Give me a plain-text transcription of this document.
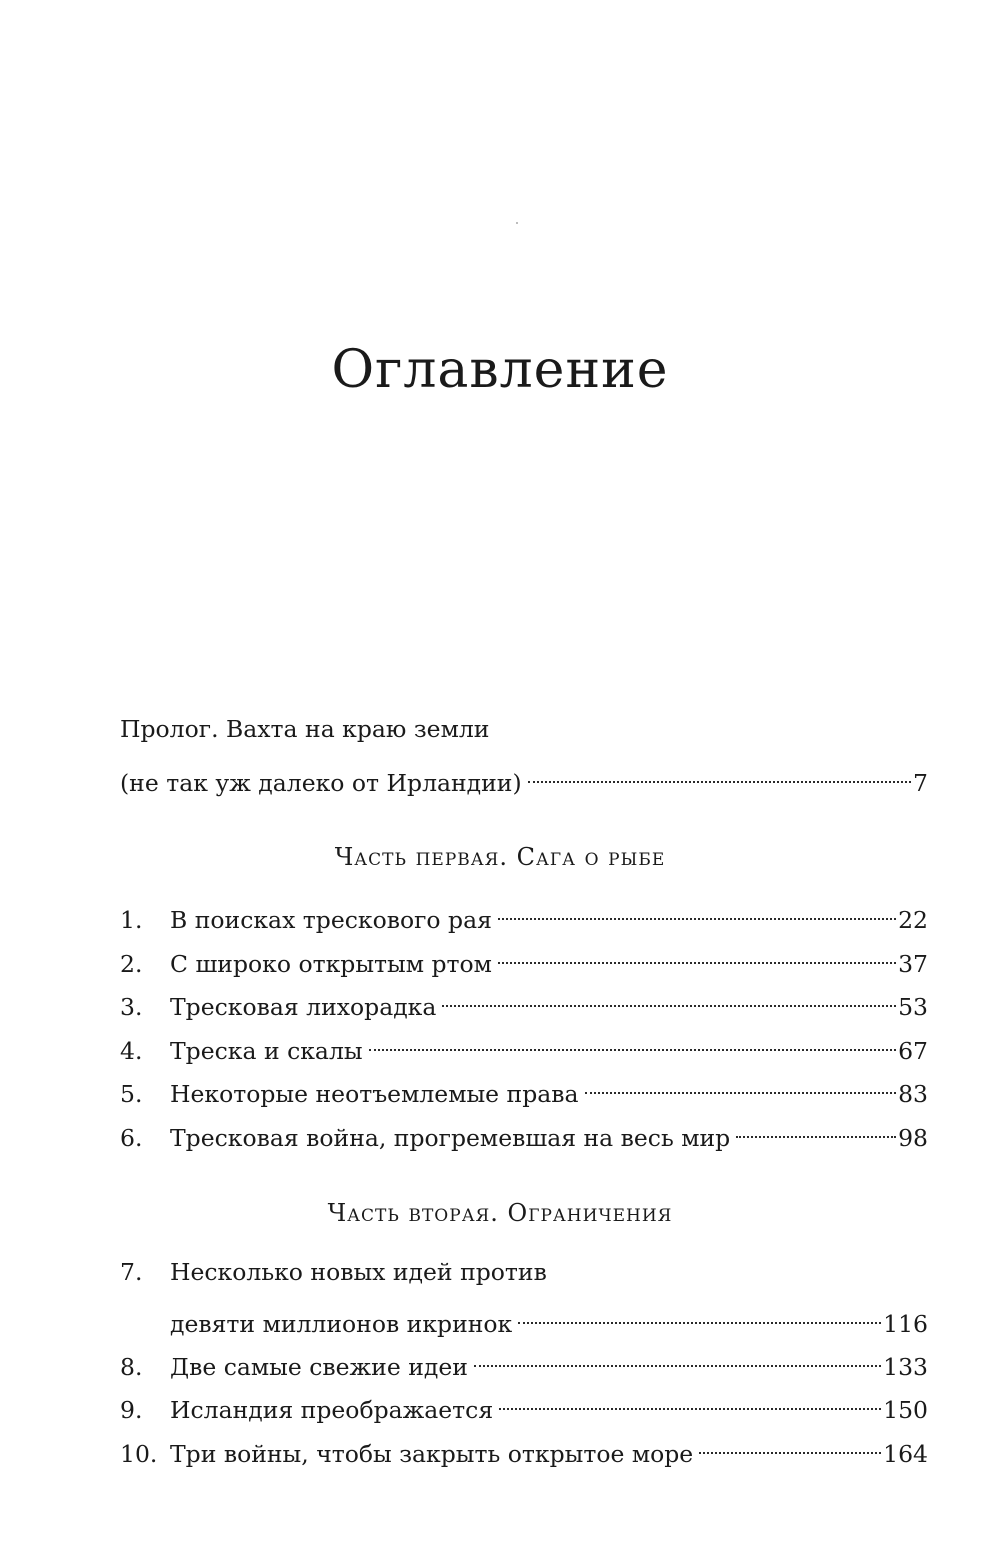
Оглавление
Пролог. Вахта на краю земли
(не так уж далеко от Ирландии)	7
Часть первая. Сага о рыбе
1.	В поисках трескового рая	22
2.	С широко открытым ртом	37
3.	Тресковая лихорадка	53
4.	Треска и скалы	67
5.	Некоторые неотъемлемые права	83
6.	Тресковая война, прогремевшая на весь мир	98
Часть вторая. Ограничения
7.	Несколько новых идей против
девяти миллионов икринок	116
8.	Две самые свежие идеи	133
9.	Исландия преображается	150
10. Три войны, чтобы закрыть открытое море	164
